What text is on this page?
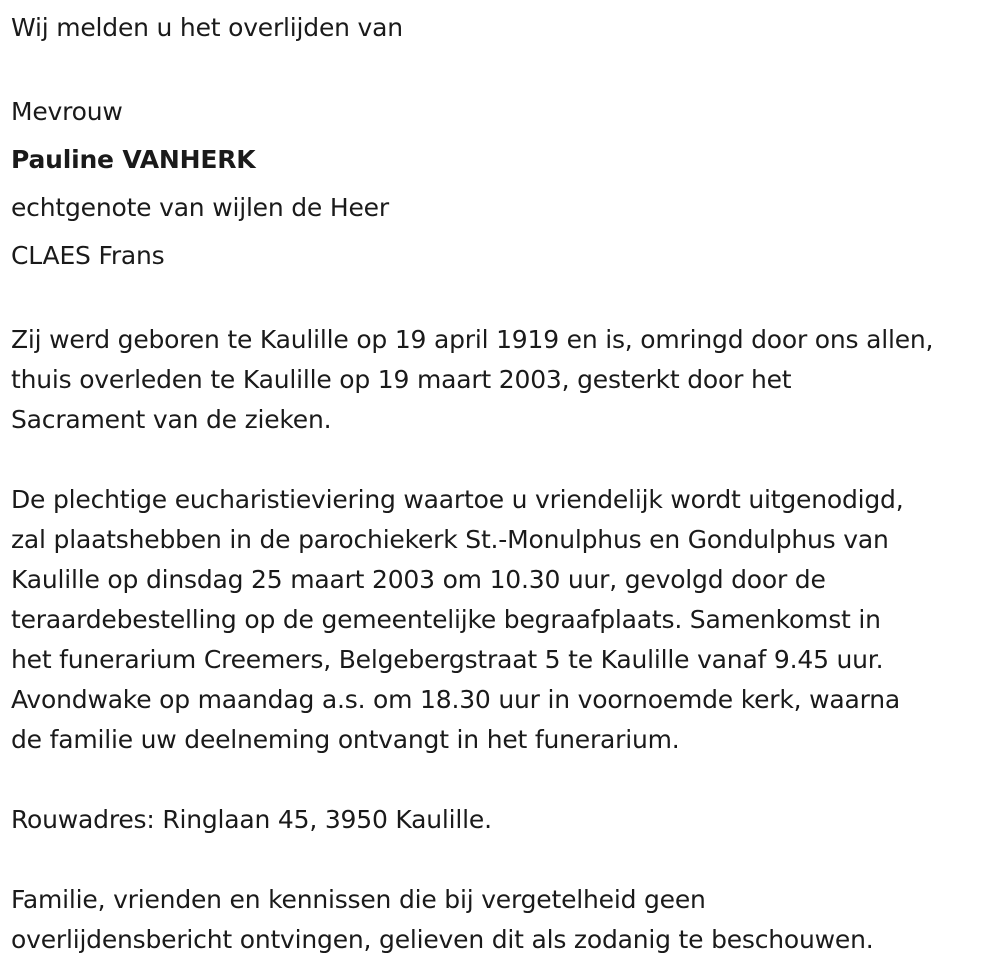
Wij melden u het overlijden van
Mevrouw
Pauline VANHERK
echtgenote van wijlen de Heer
CLAES Frans
Zij werd geboren te Kaulille op 19 april 1919 en is, omringd door ons allen,
thuis overleden te Kaulille op 19 maart 2003, gesterkt door het
Sacrament van de zieken.
De plechtige eucharistieviering waartoe u vriendelijk wordt uitgenodigd,
zal plaatshebben in de parochiekerk St.-Monulphus en Gondulphus van
Kaulille op dinsdag 25 maart 2003 om 10.30 uur, gevolgd door de
teraardebestelling op de gemeentelijke begraafplaats. Samenkomst in
het funerarium Creemers, Belgebergstraat 5 te Kaulille vanaf 9.45 uur.
Avondwake op maandag a.s. om 18.30 uur in voornoemde kerk, waarna
de familie uw deelneming ontvangt in het funerarium.
Rouwadres: Ringlaan 45, 3950 Kaulille.
Familie, vrienden en kennissen die bij vergetelheid geen
overlijdensbericht ontvingen, gelieven dit als zodanig te beschouwen.
